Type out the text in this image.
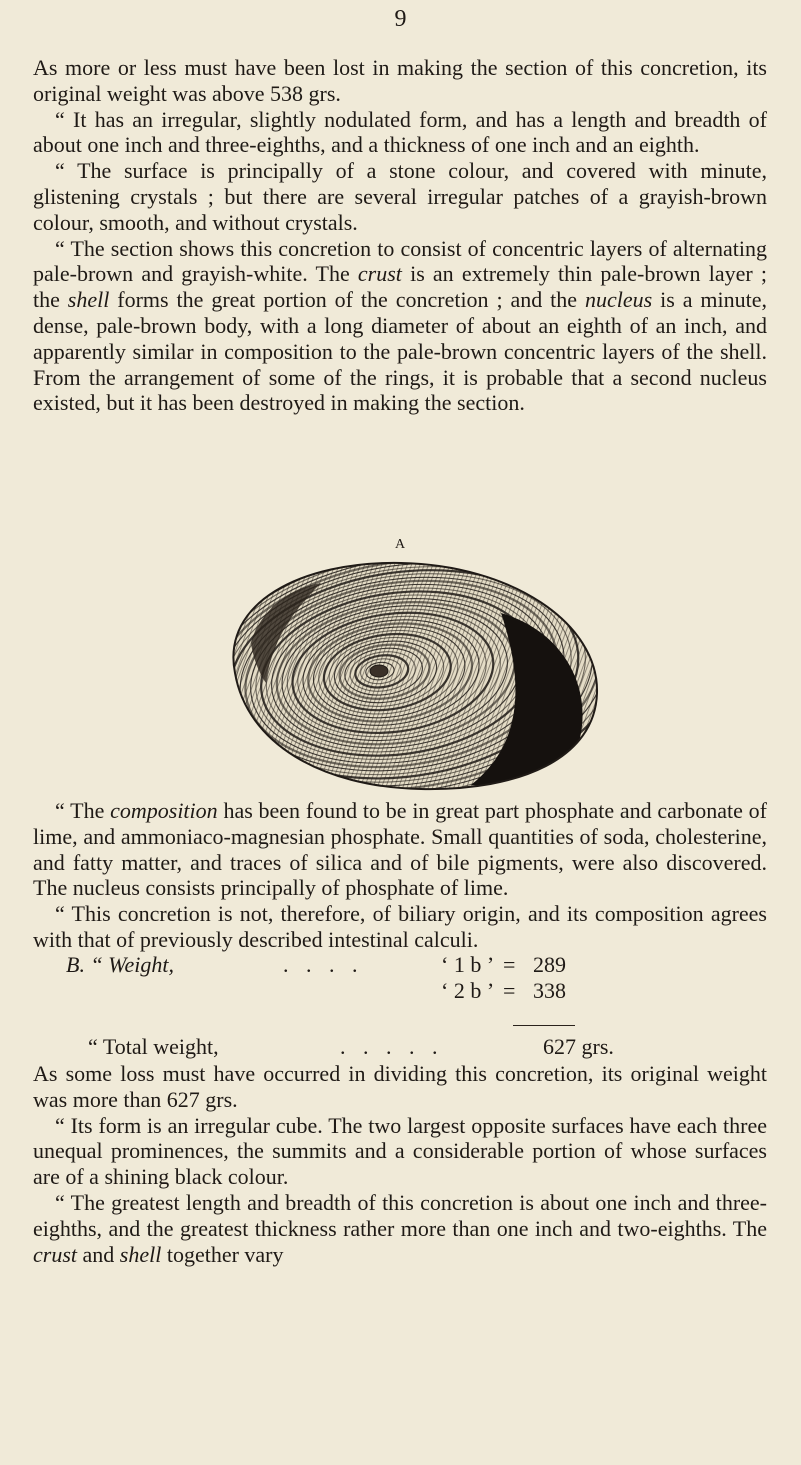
9

As more or less must have been lost in making the section of this concretion, its original weight was above 538 grs.

“ It has an irregular, slightly nodulated form, and has a length and breadth of about one inch and three-eighths, and a thickness of one inch and an eighth.

“ The surface is principally of a stone colour, and covered with minute, glistening crystals ; but there are several irregular patches of a grayish-brown colour, smooth, and without crystals.

“ The section shows this concretion to consist of concentric layers of alternating pale-brown and grayish-white. The crust is an extremely thin pale-brown layer ; the shell forms the great portion of the concretion ; and the nucleus is a minute, dense, pale-brown body, with a long diameter of about an eighth of an inch, and apparently similar in composition to the pale-brown concentric layers of the shell. From the arrangement of some of the rings, it is probable that a second nucleus existed, but it has been destroyed in making the section.

A

“ The composition has been found to be in great part phosphate and carbonate of lime, and ammoniaco-magnesian phosphate. Small quantities of soda, cholesterine, and fatty matter, and traces of silica and of bile pigments, were also discovered. The nucleus consists principally of phosphate of lime.

“ This concretion is not, therefore, of biliary origin, and its composition agrees with that of previously described intestinal calculi.

B. “ Weight,	. . . .	‘ 1 b ’ = 289
‘ 2 b ’ = 338
“ Total weight,	. . . . .	627 grs.

As some loss must have occurred in dividing this concretion, its original weight was more than 627 grs.

“ Its form is an irregular cube. The two largest opposite surfaces have each three unequal prominences, the summits and a considerable portion of whose surfaces are of a shining black colour.

“ The greatest length and breadth of this concretion is about one inch and three-eighths, and the greatest thickness rather more than one inch and two-eighths. The crust and shell together vary
